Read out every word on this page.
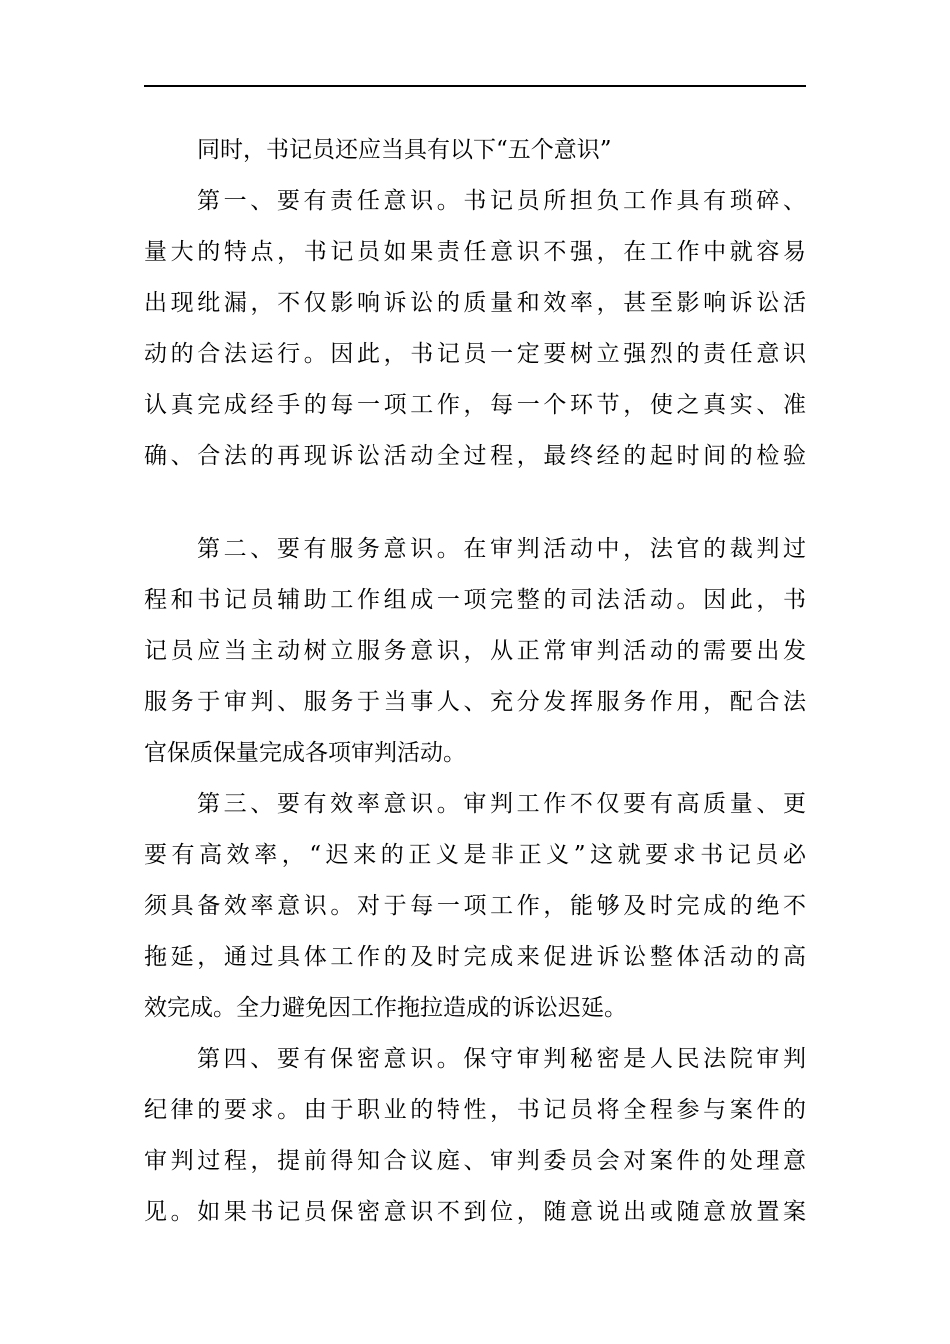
同时，书记员还应当具有以下“五个意识”
第一、要有责任意识。书记员所担负工作具有琐碎、
量大的特点，书记员如果责任意识不强，在工作中就容易
出现纰漏，不仅影响诉讼的质量和效率，甚至影响诉讼活
动的合法运行。因此，书记员一定要树立强烈的责任意识
认真完成经手的每一项工作，每一个环节，使之真实、准
确、合法的再现诉讼活动全过程，最终经的起时间的检验
第二、要有服务意识。在审判活动中，法官的裁判过
程和书记员辅助工作组成一项完整的司法活动。因此，书
记员应当主动树立服务意识，从正常审判活动的需要出发
服务于审判、服务于当事人、充分发挥服务作用，配合法
官保质保量完成各项审判活动。
第三、要有效率意识。审判工作不仅要有高质量、更
要有高效率，“迟来的正义是非正义”这就要求书记员必
须具备效率意识。对于每一项工作，能够及时完成的绝不
拖延，通过具体工作的及时完成来促进诉讼整体活动的高
效完成。全力避免因工作拖拉造成的诉讼迟延。
第四、要有保密意识。保守审判秘密是人民法院审判
纪律的要求。由于职业的特性，书记员将全程参与案件的
审判过程，提前得知合议庭、审判委员会对案件的处理意
见。如果书记员保密意识不到位，随意说出或随意放置案
